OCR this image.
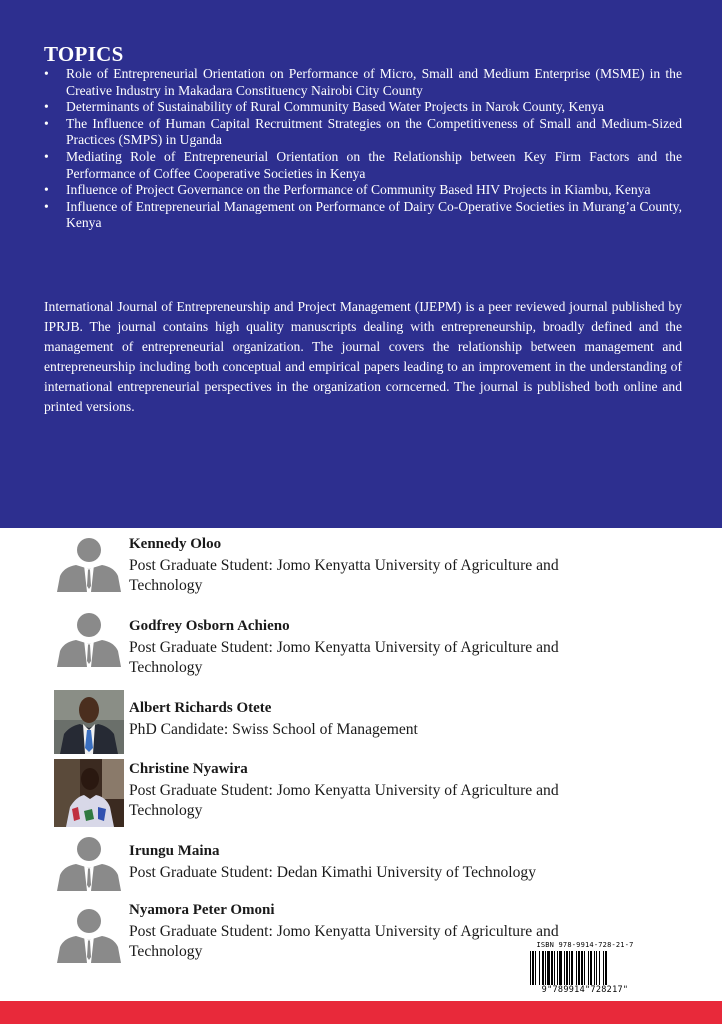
TOPICS
• Role of Entrepreneurial Orientation on Performance of Micro, Small and Medium Enterprise (MSME) in the Creative Industry in Makadara Constituency Nairobi City County
• Determinants of Sustainability of Rural Community Based Water Projects in Narok County, Kenya
• The Influence of Human Capital Recruitment Strategies on the Competitiveness of Small and Medium-Sized Practices (SMPS) in Uganda
• Mediating Role of Entrepreneurial Orientation on the Relationship between Key Firm Factors and the Performance of Coffee Cooperative Societies in Kenya
• Influence of Project Governance on the Performance of Community Based HIV Projects in Kiambu, Kenya
• Influence of Entrepreneurial Management on Performance of Dairy Co-Operative Societies in Murang’a County, Kenya
International Journal of Entrepreneurship and Project Management (IJEPM) is a peer reviewed journal published by IPRJB. The journal contains high quality manuscripts dealing with entrepreneurship, broadly defined and the management of entrepreneurial organization. The journal covers the relationship between management and entrepreneurship including both conceptual and empirical papers leading to an improvement in the understanding of international entrepreneurial perspectives in the organization corncerned. The journal is published both online and printed versions.
Kennedy Oloo
Post Graduate Student: Jomo Kenyatta University of Agriculture and Technology
Godfrey Osborn Achieno
Post Graduate Student: Jomo Kenyatta University of Agriculture and Technology
Albert Richards Otete
PhD Candidate: Swiss School of Management
Christine Nyawira
Post Graduate Student: Jomo Kenyatta University of Agriculture and Technology
Irungu Maina
Post Graduate Student: Dedan Kimathi University of Technology
Nyamora Peter Omoni
Post Graduate Student: Jomo Kenyatta University of Agriculture and Technology	ISBN 978-9914-728-21-7
9"789914"728217"
